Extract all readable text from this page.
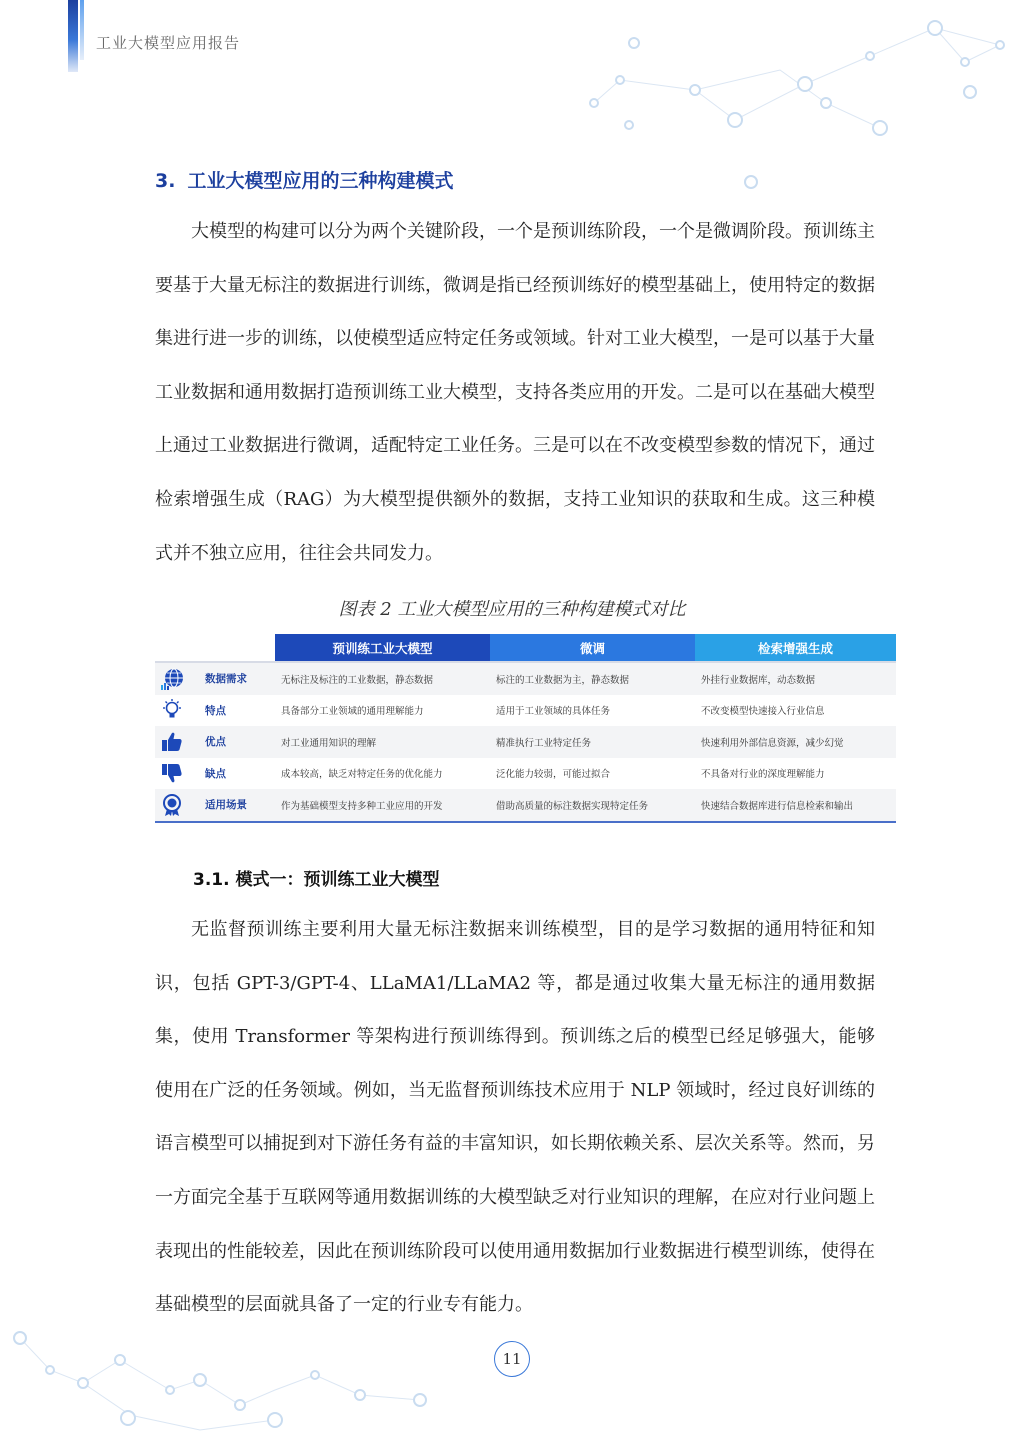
工业大模型应用报告
3. 工业大模型应用的三种构建模式

大模型的构建可以分为两个关键阶段，一个是预训练阶段，一个是微调阶段。预训练主要基于大量无标注的数据进行训练，微调是指已经预训练好的模型基础上，使用特定的数据集进行进一步的训练，以使模型适应特定任务或领域。针对工业大模型，一是可以基于大量工业数据和通用数据打造预训练工业大模型，支持各类应用的开发。二是可以在基础大模型上通过工业数据进行微调，适配特定工业任务。三是可以在不改变模型参数的情况下，通过检索增强生成（RAG）为大模型提供额外的数据，支持工业知识的获取和生成。这三种模式并不独立应用，往往会共同发力。

图表 2 工业大模型应用的三种构建模式对比
	预训练工业大模型	微调	检索增强生成

数据需求	无标注及标注的工业数据，静态数据	标注的工业数据为主，静态数据	外挂行业数据库，动态数据

特点	具备部分工业领域的通用理解能力	适用于工业领域的具体任务	不改变模型快速接入行业信息

优点	对工业通用知识的理解	精准执行工业特定任务	快速利用外部信息资源，减少幻觉

缺点	成本较高，缺乏对特定任务的优化能力	泛化能力较弱，可能过拟合	不具备对行业的深度理解能力

适用场景	作为基础模型支持多种工业应用的开发	借助高质量的标注数据实现特定任务	快速结合数据库进行信息检索和输出
3.1. 模式一：预训练工业大模型

无监督预训练主要利用大量无标注数据来训练模型，目的是学习数据的通用特征和知识，包括 GPT-3/GPT-4、LLaMA1/LLaMA2 等，都是通过收集大量无标注的通用数据集，使用 Transformer 等架构进行预训练得到。预训练之后的模型已经足够强大，能够使用在广泛的任务领域。例如，当无监督预训练技术应用于 NLP 领域时，经过良好训练的语言模型可以捕捉到对下游任务有益的丰富知识，如长期依赖关系、层次关系等。然而，另一方面完全基于互联网等通用数据训练的大模型缺乏对行业知识的理解，在应对行业问题上表现出的性能较差，因此在预训练阶段可以使用通用数据加行业数据进行模型训练，使得在基础模型的层面就具备了一定的行业专有能力。

11
